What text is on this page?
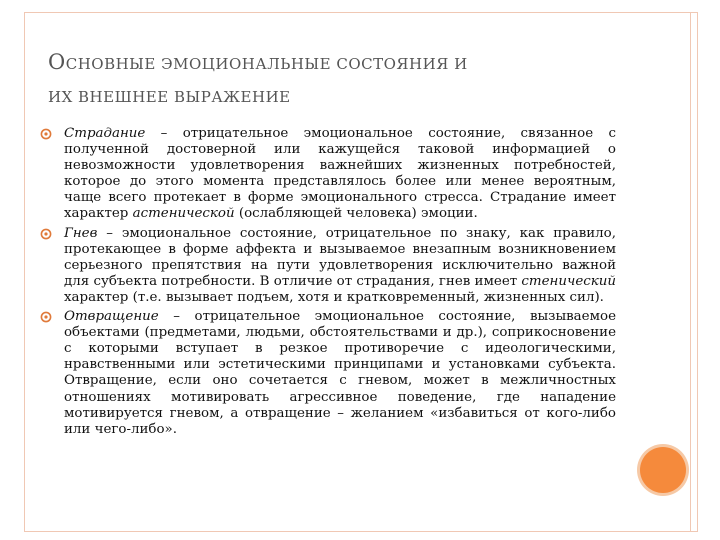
ОСНОВНЫЕ ЭМОЦИОНАЛЬНЫЕ СОСТОЯНИЯ И
ИХ ВНЕШНЕЕ ВЫРАЖЕНИЕ
Страдание – отрицательное эмоциональное состояние, связанное с полученной достоверной или кажущейся таковой информацией о невозможности удовлетворения важнейших жизненных потребностей, которое до этого момента представлялось более или менее вероятным, чаще всего протекает в форме эмоционального стресса. Страдание имеет характер астенической (ослабляющей человека) эмоции.
Гнев – эмоциональное состояние, отрицательное по знаку, как правило, протекающее в форме аффекта и вызываемое внезапным возникновением серьезного препятствия на пути удовлетворения исключительно важной для субъекта потребности. В отличие от страдания, гнев имеет стенический характер (т.е. вызывает подъем, хотя и кратковременный, жизненных сил).
Отвращение – отрицательное эмоциональное состояние, вызываемое объектами (предметами, людьми, обстоятельствами и др.), соприкосновение с которыми вступает в резкое противоречие с идеологическими, нравственными или эстетическими принципами и установками субъекта. Отвращение, если оно сочетается с гневом, может в межличностных отношениях мотивировать агрессивное поведение, где нападение мотивируется гневом, а отвращение – желанием «избавиться от кого-либо или чего-либо».
